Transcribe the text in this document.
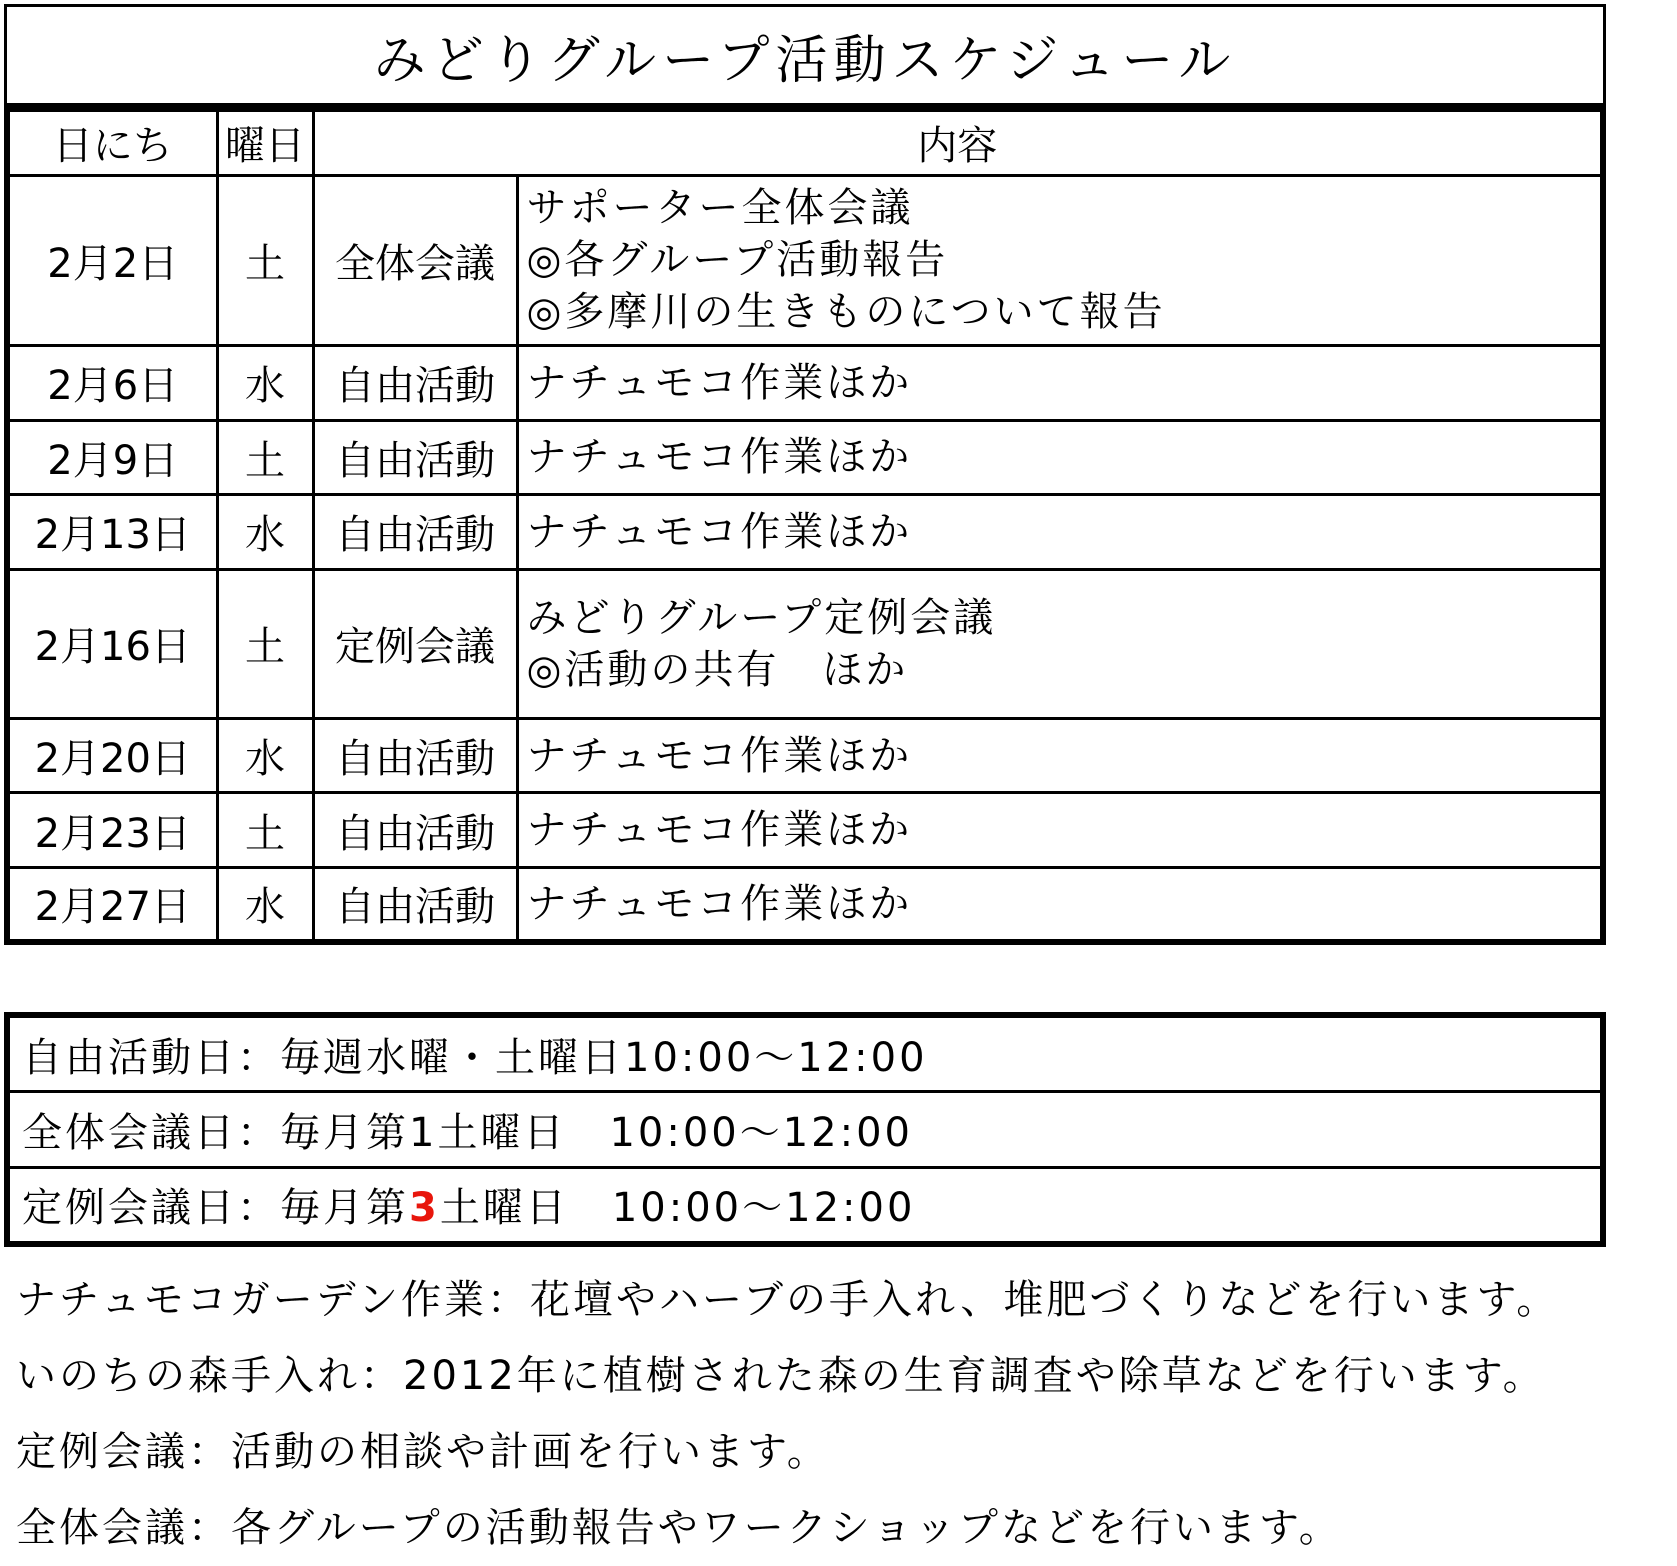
みどりグループ活動スケジュール
日にち	曜日	内容	
2月2日	土	全体会議	サポーター全体会議
◎各グループ活動報告
◎多摩川の生きものについて報告

2月6日	水	自由活動	ナチュモコ作業ほか

2月9日	土	自由活動	ナチュモコ作業ほか

2月13日	水	自由活動	ナチュモコ作業ほか

2月16日	土	定例会議	みどりグループ定例会議
◎活動の共有　ほか

2月20日	水	自由活動	ナチュモコ作業ほか

2月23日	土	自由活動	ナチュモコ作業ほか

2月27日	水	自由活動	ナチュモコ作業ほか
自由活動日：毎週水曜・土曜日10:00～12:00
全体会議日：毎月第1土曜日　10:00～12:00
定例会議日：毎月第3土曜日　10:00～12:00
ナチュモコガーデン作業：花壇やハーブの手入れ、堆肥づくりなどを行います。
いのちの森手入れ：2012年に植樹された森の生育調査や除草などを行います。
定例会議：活動の相談や計画を行います。
全体会議：各グループの活動報告やワークショップなどを行います。
